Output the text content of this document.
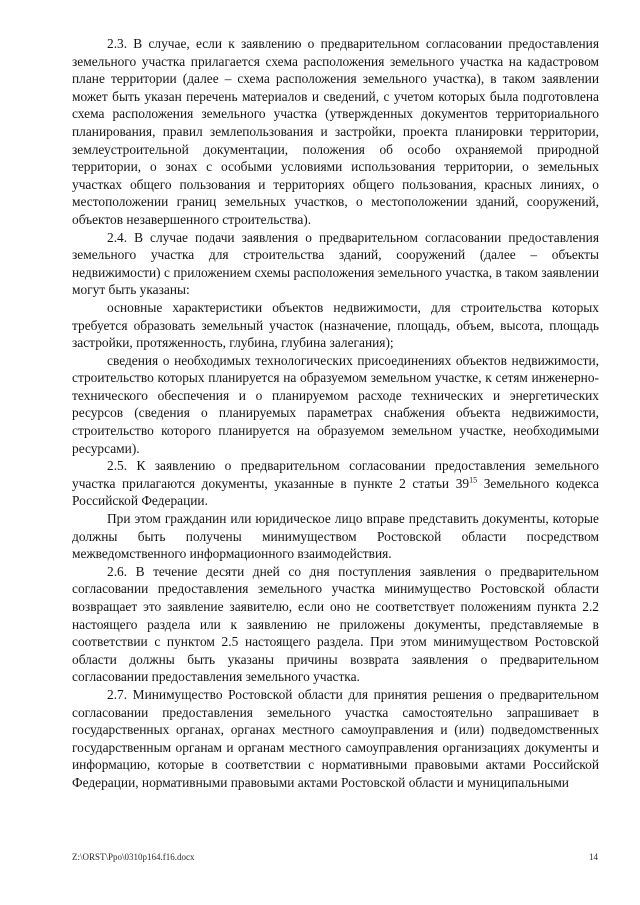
2.3. В случае, если к заявлению о предварительном согласовании предоставления земельного участка прилагается схема расположения земельного участка на кадастровом плане территории (далее – схема расположения земельного участка), в таком заявлении может быть указан перечень материалов и сведений, с учетом которых была подготовлена схема расположения земельного участка (утвержденных документов территориального планирования, правил землепользования и застройки, проекта планировки территории, землеустроительной документации, положения об особо охраняемой природной территории, о зонах с особыми условиями использования территории, о земельных участках общего пользования и территориях общего пользования, красных линиях, о местоположении границ земельных участков, о местоположении зданий, сооружений, объектов незавершенного строительства).

2.4. В случае подачи заявления о предварительном согласовании предоставления земельного участка для строительства зданий, сооружений (далее – объекты недвижимости) с приложением схемы расположения земельного участка, в таком заявлении могут быть указаны:

основные характеристики объектов недвижимости, для строительства которых требуется образовать земельный участок (назначение, площадь, объем, высота, площадь застройки, протяженность, глубина, глубина залегания);

сведения о необходимых технологических присоединениях объектов недвижимости, строительство которых планируется на образуемом земельном участке, к сетям инженерно-технического обеспечения и о планируемом расходе технических и энергетических ресурсов (сведения о планируемых параметрах снабжения объекта недвижимости, строительство которого планируется на образуемом земельном участке, необходимыми ресурсами).

2.5. К заявлению о предварительном согласовании предоставления земельного участка прилагаются документы, указанные в пункте 2 статьи $39^{15}$ Земельного кодекса Российской Федерации.

При этом гражданин или юридическое лицо вправе представить документы, которые должны быть получены минимуществом Ростовской области посредством межведомственного информационного взаимодействия.

2.6. В течение десяти дней со дня поступления заявления о предварительном согласовании предоставления земельного участка минимущество Ростовской области возвращает это заявление заявителю, если оно не соответствует положениям пункта 2.2 настоящего раздела или к заявлению не приложены документы, представляемые в соответствии с пунктом 2.5 настоящего раздела. При этом минимуществом Ростовской области должны быть указаны причины возврата заявления о предварительном согласовании предоставления земельного участка.

2.7. Минимущество Ростовской области для принятия решения о предварительном согласовании предоставления земельного участка самостоятельно запрашивает в государственных органах, органах местного самоуправления и (или) подведомственных государственным органам и органам местного самоуправления организациях документы и информацию, которые в соответствии с нормативными правовыми актами Российской Федерации, нормативными правовыми актами Ростовской области и муниципальными

Z:\ORST\Ppo\0310p164.f16.docx	14
